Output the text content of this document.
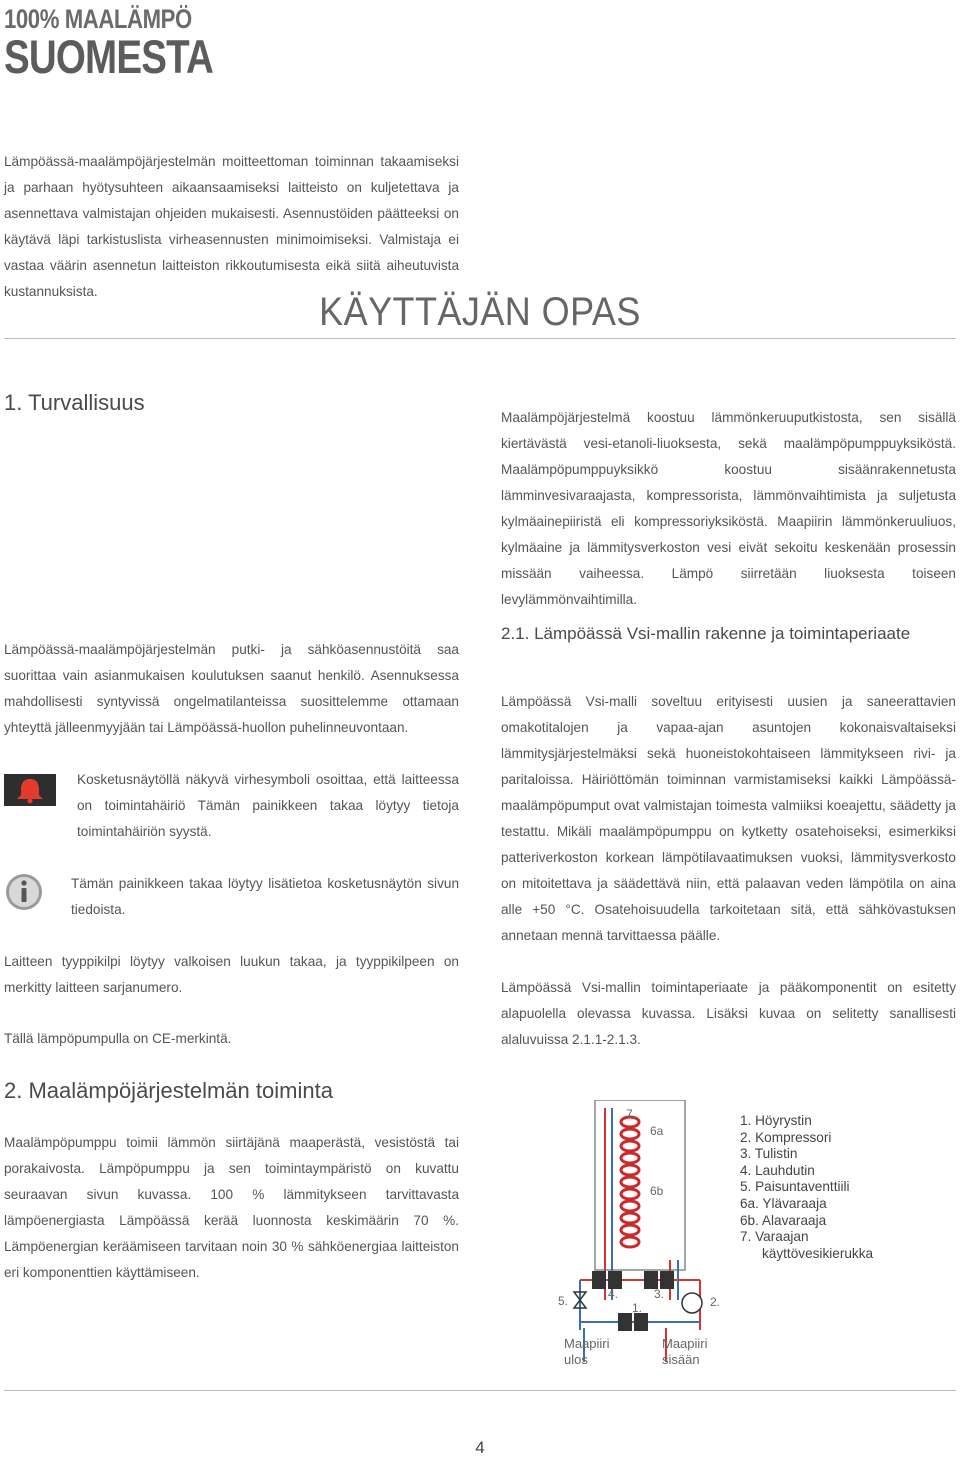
100% MAALÄMPÖ
SUOMESTA
KÄYTTÄJÄN OPAS
1. Turvallisuus
Lämpöässä-maalämpöjärjestelmän moitteettoman toiminnan takaamiseksi ja parhaan hyötysuhteen aikaansaamiseksi laitteisto on kuljetettava ja asennettava valmistajan ohjeiden mukaisesti. Asennustöiden päätteeksi on käytävä läpi tarkistuslista virheasennusten minimoimiseksi. Valmistaja ei vastaa väärin asennetun laitteiston rikkoutumisesta eikä siitä aiheutuvista kustannuksista.
Lämpöässä-maalämpöjärjestelmän putki- ja sähköasennustöitä saa suorittaa vain asianmukaisen koulutuksen saanut henkilö. Asennuksessa mahdollisesti syntyvissä ongelmatilanteissa suosittelemme ottamaan yhteyttä jälleenmyyjään tai Lämpöässä-huollon puhelinneuvontaan.
Kosketusnäytöllä näkyvä virhesymboli osoittaa, että laitteessa on toimintahäiriö Tämän painikkeen takaa löytyy tietoja toimintahäiriön syystä.
Tämän painikkeen takaa löytyy lisätietoa kosketusnäytön sivun tiedoista.
Laitteen tyyppikilpi löytyy valkoisen luukun takaa, ja tyyppikilpeen on merkitty laitteen sarjanumero.
Tällä lämpöpumpulla on CE-merkintä.
2. Maalämpöjärjestelmän toiminta
Maalämpöpumppu toimii lämmön siirtäjänä maaperästä, vesistöstä tai porakaivosta. Lämpöpumppu ja sen toimintaympäristö on kuvattu seuraavan sivun kuvassa. 100 % lämmitykseen tarvittavasta lämpöenergiasta Lämpöässä kerää luonnosta keskimäärin 70 %. Lämpöenergian keräämiseen tarvitaan noin 30 % sähköenergiaa laitteiston eri komponenttien käyttämiseen.
Maalämpöjärjestelmä koostuu lämmönkeruuputkistosta, sen sisällä kiertävästä vesi-etanoli-liuoksesta, sekä maalämpöpumppuyksiköstä. Maalämpöpumppuyksikkö koostuu sisäänrakennetusta lämminvesivaraajasta, kompressorista, lämmönvaihtimista ja suljetusta kylmäainepiiristä eli kompressoriyksiköstä. Maapiirin lämmönkeruuliuos, kylmäaine ja lämmitysverkoston vesi eivät sekoitu keskenään prosessin missään vaiheessa. Lämpö siirretään liuoksesta toiseen levylämmönvaihtimilla.
2.1. Lämpöässä Vsi-mallin rakenne ja toimintaperiaate
Lämpöässä Vsi-malli soveltuu erityisesti uusien ja saneerattavien omakotitalojen ja vapaa-ajan asuntojen kokonaisvaltaiseksi lämmitysjärjestelmäksi sekä huoneistokohtaiseen lämmitykseen rivi- ja paritaloissa. Häiriöttömän toiminnan varmistamiseksi kaikki Lämpöässä-maalämpöpumput ovat valmistajan toimesta valmiiksi koeajettu, säädetty ja testattu. Mikäli maalämpöpumppu on kytketty osatehoiseksi, esimerkiksi patteriverkoston korkean lämpötilavaatimuksen vuoksi, lämmitysverkosto on mitoitettava ja säädettävä niin, että palaavan veden lämpötila on aina alle +50 °C. Osatehoisuudella tarkoitetaan sitä, että sähkövastuksen annetaan mennä tarvittaessa päälle.
Lämpöässä Vsi-mallin toimintaperiaate ja pääkomponentit on esitetty alapuolella olevassa kuvassa. Lisäksi kuvaa on selitetty sanallisesti alaluvuissa 2.1.1-2.1.3.
7.
6a
6b
5.	4.	3.
1.	2.
Maapiiri
ulos
Maapiiri
sisään
1. Höyrystin
2. Kompressori
3. Tulistin
4. Lauhdutin
5. Paisuntaventtiili
6a. Ylävaraaja
6b. Alavaraaja
7. Varaajan
käyttövesikierukka
4
